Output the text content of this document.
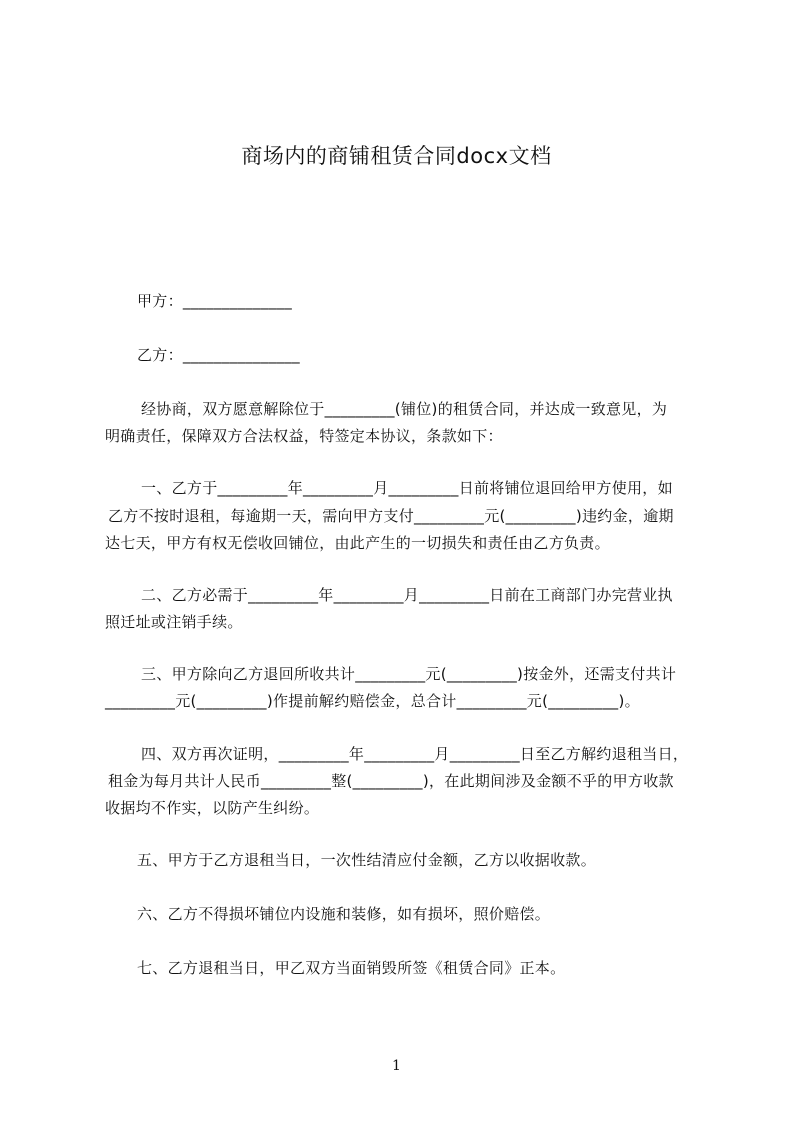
商场内的商铺租赁合同docx文档
甲方：______________
乙方：_______________
经协商，双方愿意解除位于_________(铺位)的租赁合同，并达成一致意见，为
明确责任，保障双方合法权益，特签定本协议，条款如下：
一、乙方于_________年_________月_________日前将铺位退回给甲方使用，如
乙方不按时退租，每逾期一天，需向甲方支付_________元(_________)违约金，逾期
达七天，甲方有权无偿收回铺位，由此产生的一切损失和责任由乙方负责。
二、乙方必需于_________年_________月_________日前在工商部门办完营业执
照迁址或注销手续。
三、甲方除向乙方退回所收共计_________元(_________)按金外，还需支付共计
_________元(_________)作提前解约赔偿金，总合计_________元(_________)。
四、双方再次证明，_________年_________月_________日至乙方解约退租当日，
租金为每月共计人民币_________整(_________)，在此期间涉及金额不乎的甲方收款
收据均不作实，以防产生纠纷。
五、甲方于乙方退租当日，一次性结清应付金额，乙方以收据收款。
六、乙方不得损坏铺位内设施和装修，如有损坏，照价赔偿。
七、乙方退租当日，甲乙双方当面销毁所签《租赁合同》正本。
1
